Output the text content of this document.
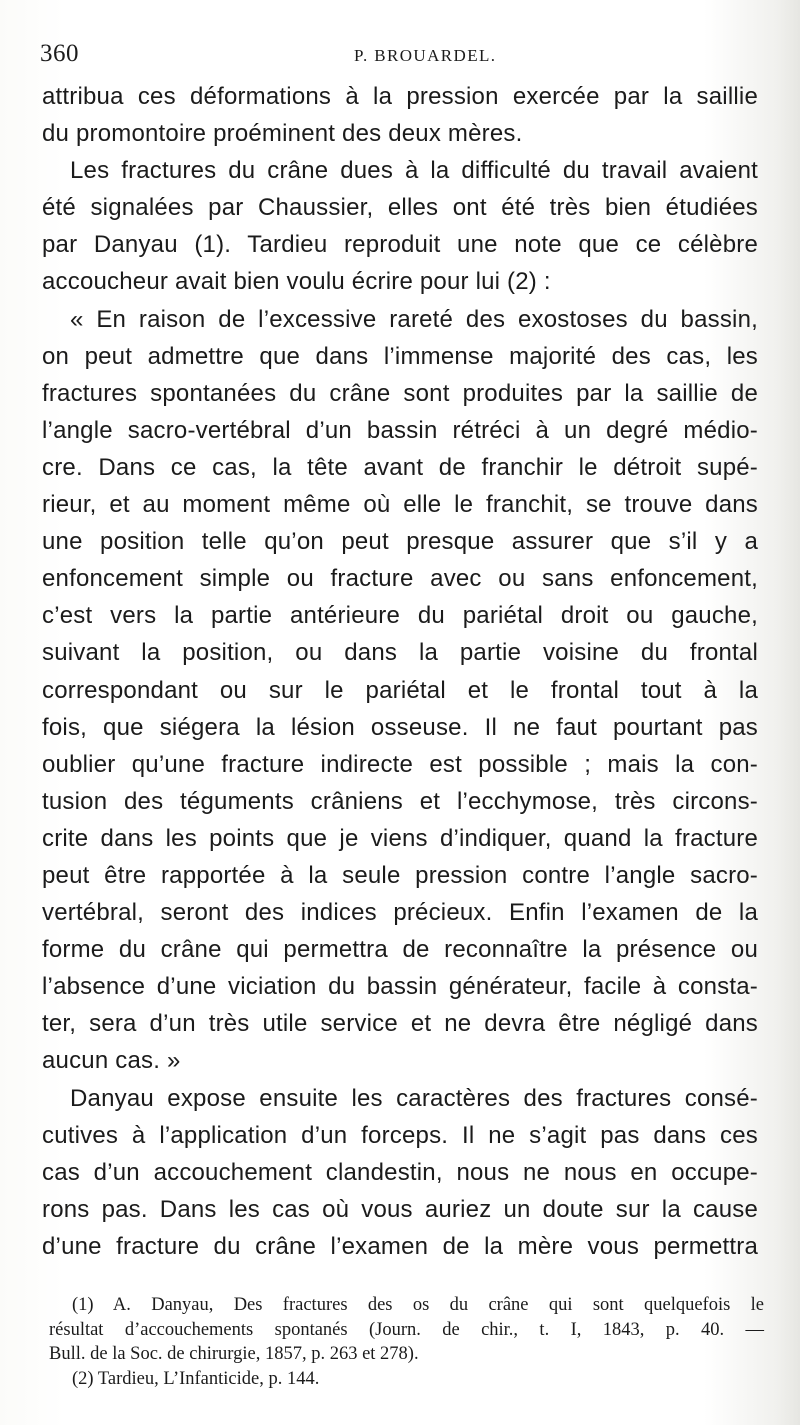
360	P. BROUARDEL.
attribua ces déformations à la pression exercée par la saillie
du promontoire proéminent des deux mères.
Les fractures du crâne dues à la difficulté du travail avaient
été signalées par Chaussier, elles ont été très bien étudiées
par Danyau (1). Tardieu reproduit une note que ce célèbre
accoucheur avait bien voulu écrire pour lui (2) :
« En raison de l’excessive rareté des exostoses du bassin,
on peut admettre que dans l’immense majorité des cas, les
fractures spontanées du crâne sont produites par la saillie de
l’angle sacro-vertébral d’un bassin rétréci à un degré médio-
cre. Dans ce cas, la tête avant de franchir le détroit supé-
rieur, et au moment même où elle le franchit, se trouve dans
une position telle qu’on peut presque assurer que s’il y a
enfoncement simple ou fracture avec ou sans enfoncement,
c’est vers la partie antérieure du pariétal droit ou gauche,
suivant la position, ou dans la partie voisine du frontal
correspondant ou sur le pariétal et le frontal tout à la
fois, que siégera la lésion osseuse. Il ne faut pourtant pas
oublier qu’une fracture indirecte est possible ; mais la con-
tusion des téguments crâniens et l’ecchymose, très circons-
crite dans les points que je viens d’indiquer, quand la fracture
peut être rapportée à la seule pression contre l’angle sacro-
vertébral, seront des indices précieux. Enfin l’examen de la
forme du crâne qui permettra de reconnaître la présence ou
l’absence d’une viciation du bassin générateur, facile à consta-
ter, sera d’un très utile service et ne devra être négligé dans
aucun cas. »
Danyau expose ensuite les caractères des fractures consé-
cutives à l’application d’un forceps. Il ne s’agit pas dans ces
cas d’un accouchement clandestin, nous ne nous en occupe-
rons pas. Dans les cas où vous auriez un doute sur la cause
d’une fracture du crâne l’examen de la mère vous permettra
(1) A. Danyau, Des fractures des os du crâne qui sont quelquefois le
résultat d’accouchements spontanés (Journ. de chir., t. I, 1843, p. 40. —
Bull. de la Soc. de chirurgie, 1857, p. 263 et 278).
(2) Tardieu, L’Infanticide, p. 144.
